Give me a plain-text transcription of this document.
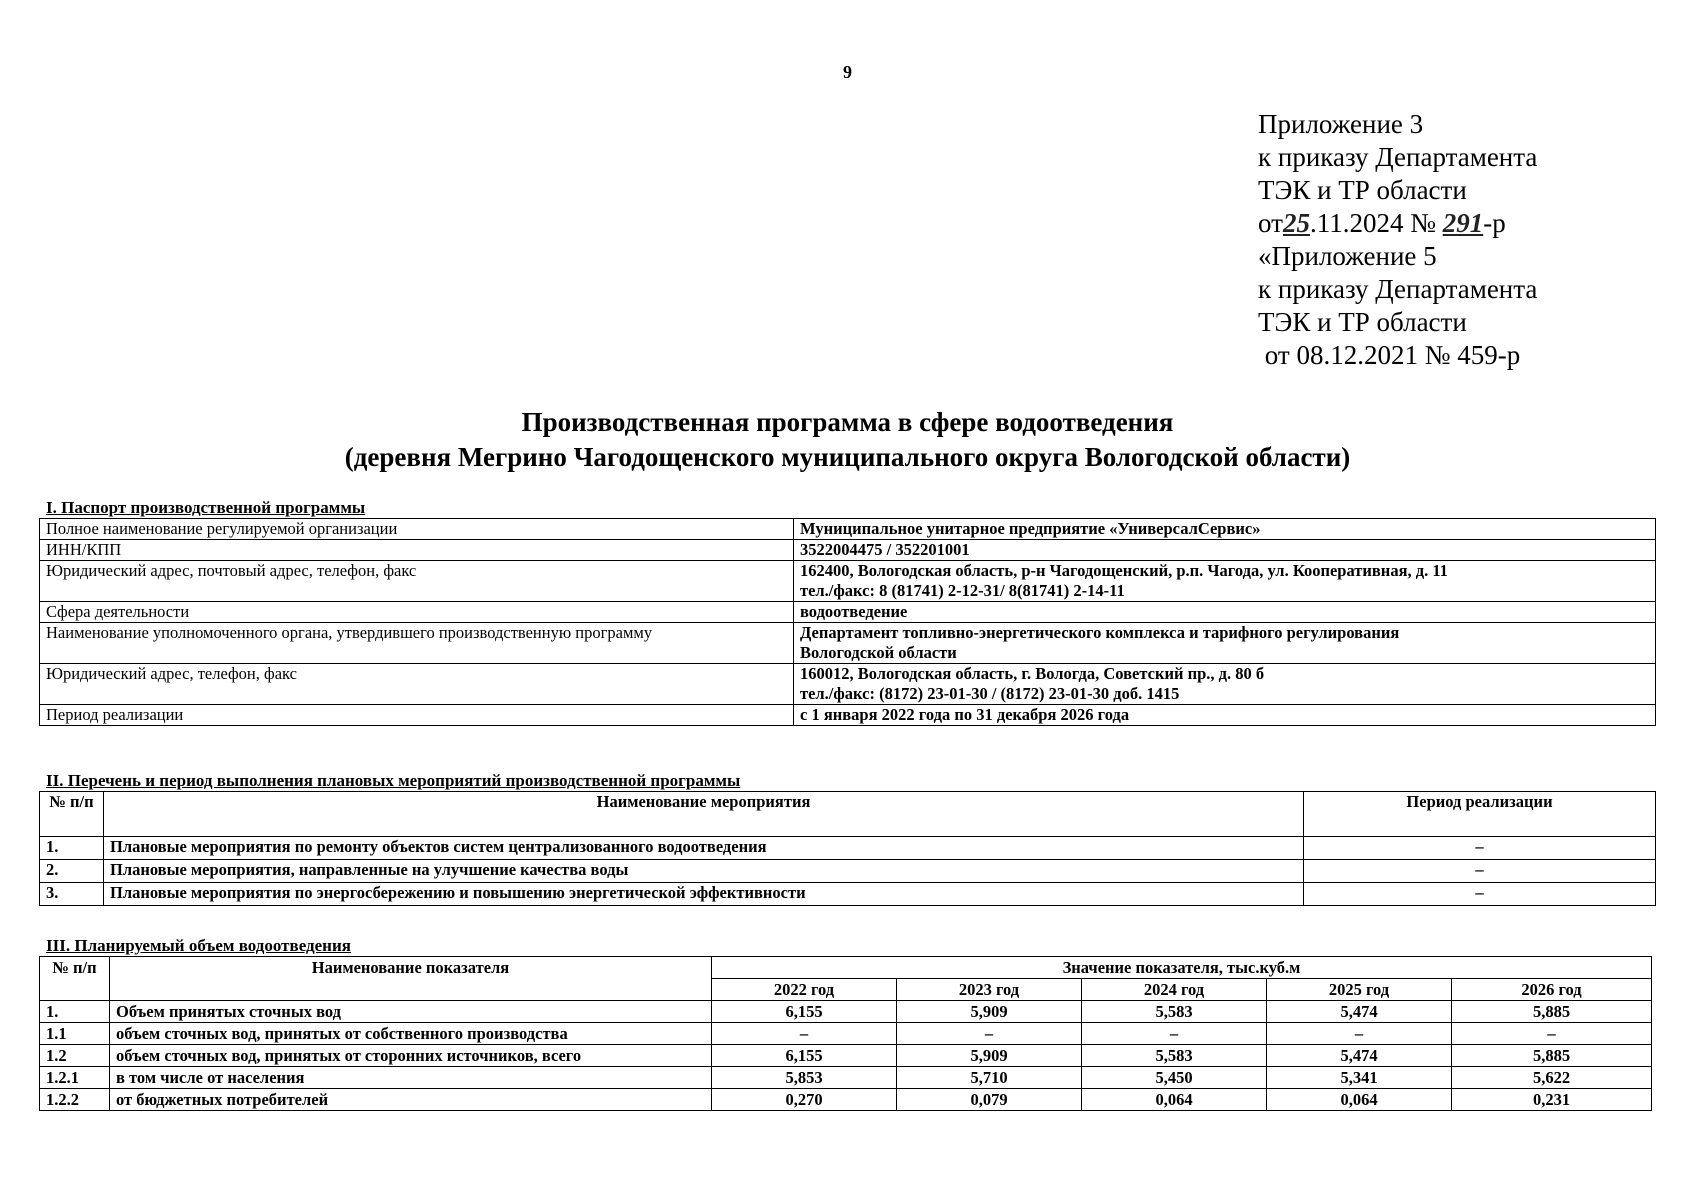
9
Приложение 3
к приказу Департамента
ТЭК и ТР области
от25.11.2024 № 291-р
«Приложение 5
к приказу Департамента
ТЭК и ТР области
от 08.12.2021 № 459-р
Производственная программа в сфере водоотведения
(деревня Мегрино Чагодощенского муниципального округа Вологодской области)
I. Паспорт производственной программы
Полное наименование регулируемой организации	Муниципальное унитарное предприятие «УниверсалСервис»
ИНН/КПП	3522004475 / 352201001
Юридический адрес, почтовый адрес, телефон, факс	162400, Вологодская область, р-н Чагодощенский, р.п. Чагода, ул. Кооперативная, д. 11
тел./факс: 8 (81741) 2-12-31/ 8(81741) 2-14-11

Сфера деятельности	водоотведение
Наименование уполномоченного органа, утвердившего производственную программу	Департамент топливно-энергетического комплекса и тарифного регулирования
Вологодской области

Юридический адрес, телефон, факс	160012, Вологодская область, г. Вологда, Советский пр., д. 80 б
тел./факс: (8172) 23-01-30 / (8172) 23-01-30 доб. 1415

Период реализации	с 1 января 2022 года по 31 декабря 2026 года
II. Перечень и период выполнения плановых мероприятий производственной программы
№ п/п	Наименование мероприятия	Период реализации
1.	Плановые мероприятия по ремонту объектов систем централизованного водоотведения	–
2.	Плановые мероприятия, направленные на улучшение качества воды	–
3.	Плановые мероприятия по энергосбережению и повышению энергетической эффективности	–
III. Планируемый объем водоотведения
№ п/п	Наименование показателя	Значение показателя, тыс.куб.м				
		2022 год	2023 год	2024 год	2025 год	2026 год
1.	Объем принятых сточных вод	6,155	5,909	5,583	5,474	5,885
1.1	объем сточных вод, принятых от собственного производства	–	–	–	–	–
1.2	объем сточных вод, принятых от сторонних источников, всего	6,155	5,909	5,583	5,474	5,885
1.2.1	в том числе от населения	5,853	5,710	5,450	5,341	5,622
1.2.2	от бюджетных потребителей	0,270	0,079	0,064	0,064	0,231
